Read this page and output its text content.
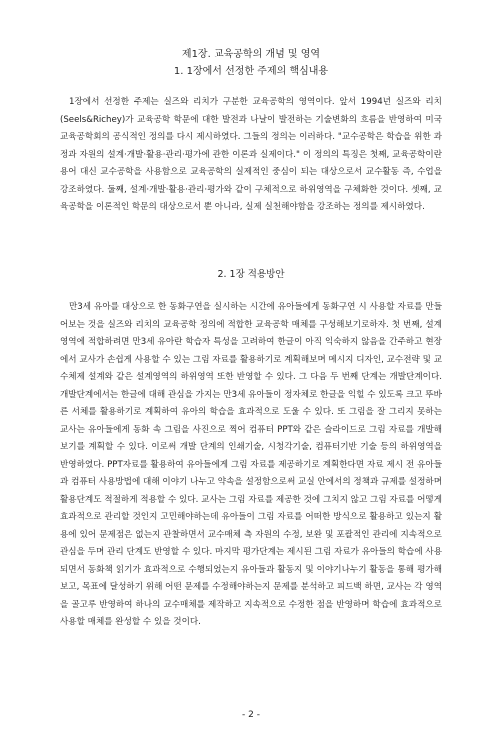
제1장. 교육공학의 개념 및 영역
1. 1장에서 선정한 주제의 핵심내용

1장에서 선정한 주제는 실즈와 리치가 구분한 교육공학의 영역이다. 앞서 1994년 실즈와 리치(Seels&Richey)가 교육공학 학문에 대한 발전과 나날이 발전하는 기술변화의 흐름을 반영하여 미국교육공학회의 공식적인 정의를 다시 제시하였다. 그들의 정의는 이러하다. "교수공학은 학습을 위한 과정과 자원의 설계·개발·활용·관리·평가에 관한 이론과 실제이다." 이 정의의 특징은 첫째, 교육공학이란 용어 대신 교수공학을 사용함으로 교육공학의 실제적인 중심이 되는 대상으로서 교수활동 즉, 수업을 강조하였다. 둘째, 설계·개발·활용·관리·평가와 같이 구체적으로 하위영역을 구체화한 것이다. 셋째, 교육공학을 이론적인 학문의 대상으로서 뿐 아니라, 실제 실천해야함을 강조하는 정의를 제시하였다.

2. 1장 적용방안

만3세 유아를 대상으로 한 동화구연을 실시하는 시간에 유아들에게 동화구연 시 사용할 자료를 만들어보는 것을 실즈와 리치의 교육공학 정의에 적합한 교육공학 매체를 구성해보기로하자. 첫 번째, 설계 영역에 적합하려면 만3세 유아란 학습자 특성을 고려하여 한글이 아직 익숙하지 않음을 간주하고 현장에서 교사가 손쉽게 사용할 수 있는 그림 자료를 활용하기로 계획해보며 메시지 디자인, 교수전략 및 교수체제 설계와 같은 설계영역의 하위영역 또한 반영할 수 있다. 그 다음 두 번째 단계는 개발단계이다. 개발단계에서는 한글에 대해 관심을 가지는 만3세 유아들이 정자체로 한글을 익힐 수 있도록 크고 뚜바른 서체를 활용하기로 계획하여 유아의 학습을 효과적으로 도울 수 있다. 또 그림을 잘 그리지 못하는 교사는 유아들에게 동화 속 그림을 사진으로 찍어 컴퓨터 PPT와 같은 슬라이드로 그림 자료를 개발해보기를 계획할 수 있다. 이로써 개발 단계의 인쇄기술, 시청각기술, 컴퓨터기반 기술 등의 하위영역을 반영하였다. PPT자료를 활용하여 유아들에게 그림 자료를 제공하기로 계획한다면 자료 제시 전 유아들과 컴퓨터 사용방법에 대해 이야기 나누고 약속을 설정함으로써 교실 안에서의 정책과 규제를 설정하며 활용단계도 적절하게 적용할 수 있다. 교사는 그림 자료를 제공한 것에 그치지 않고 그림 자료를 어떻게 효과적으로 관리할 것인지 고민해야하는데 유아들이 그림 자료를 어떠한 방식으로 활용하고 있는지 활용에 있어 문제점은 없는지 관찰하면서 교수매체 측 자원의 수정, 보완 및 포괄적인 관리에 지속적으로 관심을 두며 관리 단계도 반영할 수 있다. 마지막 평가단계는 제시된 그림 자료가 유아들의 학습에 사용되면서 동화책 읽기가 효과적으로 수행되었는지 유아들과 활동지 및 이야기나누기 활동을 통해 평가해보고, 목표에 달성하기 위해 어떤 문제를 수정해야하는지 문제를 분석하고 피드백 하면, 교사는 각 영역을 골고루 반영하여 하나의 교수매체를 제작하고 지속적으로 수정한 점을 반영하며 학습에 효과적으로 사용할 매체를 완성할 수 있을 것이다.

- 2 -
